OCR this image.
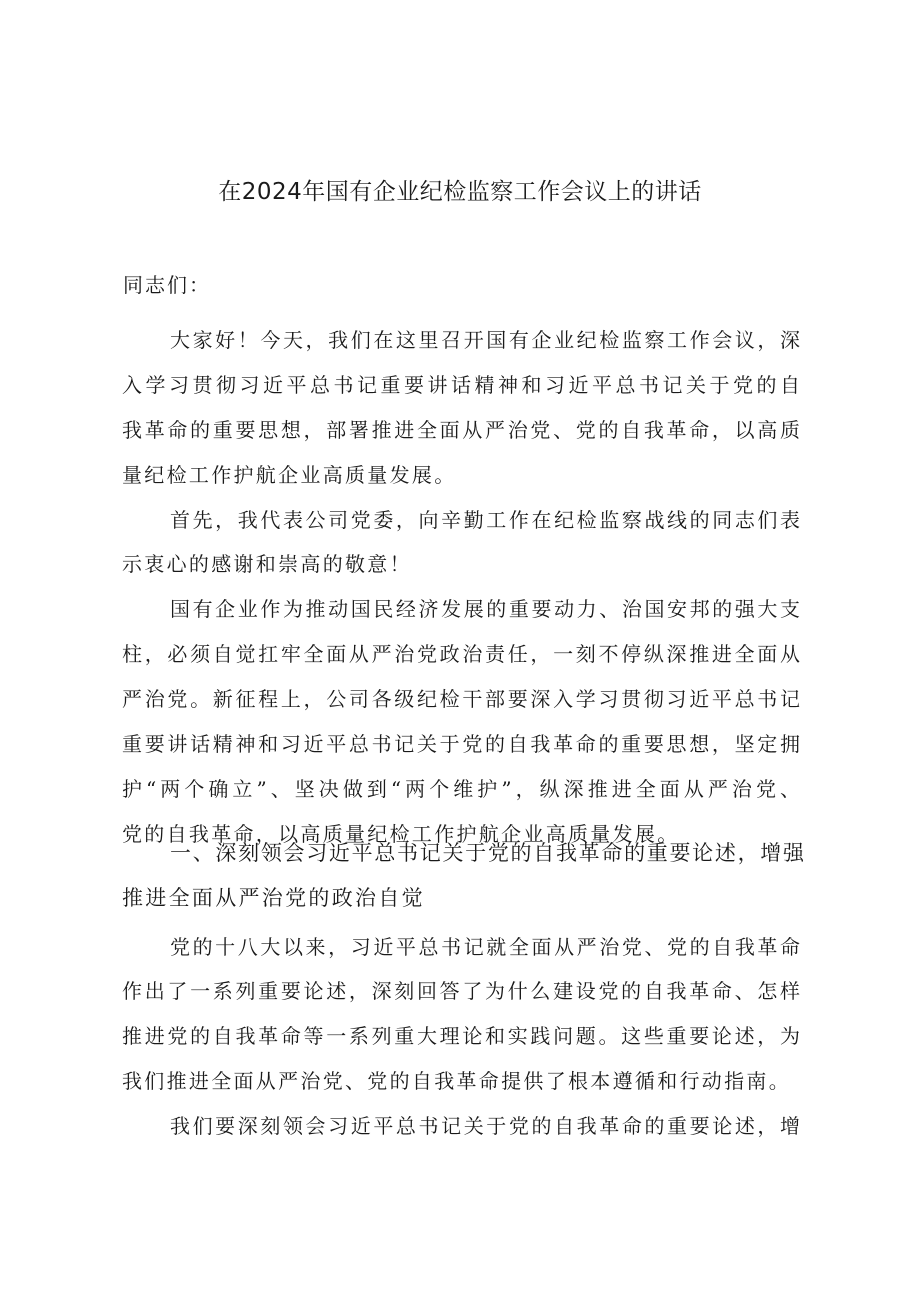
在2024年国有企业纪检监察工作会议上的讲话
同志们：
大家好！今天，我们在这里召开国有企业纪检监察工作会议，深
入学习贯彻习近平总书记重要讲话精神和习近平总书记关于党的自
我革命的重要思想，部署推进全面从严治党、党的自我革命，以高质
量纪检工作护航企业高质量发展。
首先，我代表公司党委，向辛勤工作在纪检监察战线的同志们表
示衷心的感谢和崇高的敬意！
国有企业作为推动国民经济发展的重要动力、治国安邦的强大支
柱，必须自觉扛牢全面从严治党政治责任，一刻不停纵深推进全面从
严治党。新征程上，公司各级纪检干部要深入学习贯彻习近平总书记
重要讲话精神和习近平总书记关于党的自我革命的重要思想，坚定拥
护“两个确立”、坚决做到“两个维护”，纵深推进全面从严治党、
党的自我革命，以高质量纪检工作护航企业高质量发展。
一、深刻领会习近平总书记关于党的自我革命的重要论述，增强
推进全面从严治党的政治自觉
党的十八大以来，习近平总书记就全面从严治党、党的自我革命
作出了一系列重要论述，深刻回答了为什么建设党的自我革命、怎样
推进党的自我革命等一系列重大理论和实践问题。这些重要论述，为
我们推进全面从严治党、党的自我革命提供了根本遵循和行动指南。
我们要深刻领会习近平总书记关于党的自我革命的重要论述，增
